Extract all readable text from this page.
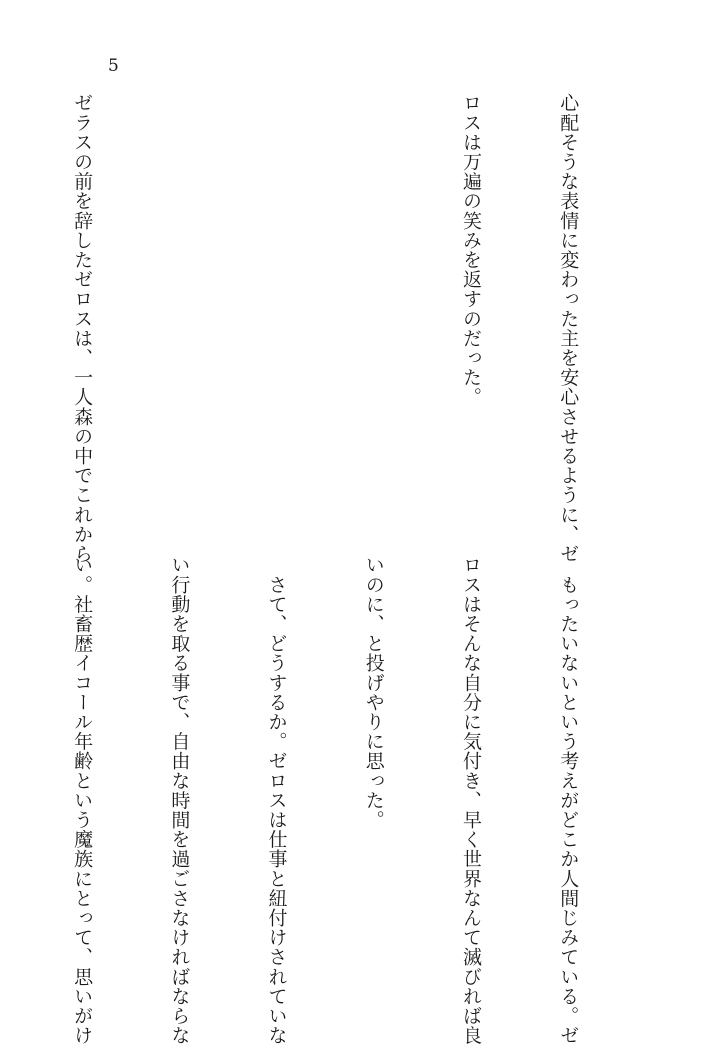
5

心配そうな表情に変わった主を安心させるように、ゼ

ロスは万遍の笑みを返すのだった。

ゼラスの前を辞したゼロスは、一人森の中でこれから

　もったいないという考えがどこか人間じみている。ゼ

ロスはそんな自分に気付き、早く世界なんて滅びれば良

いのに、と投げやりに思った。

　さて、どうするか。ゼロスは仕事と紐付けされていな

い行動を取る事で、自由な時間を過ごさなければならな

い。社畜歴イコール年齢という魔族にとって、思いがけ
